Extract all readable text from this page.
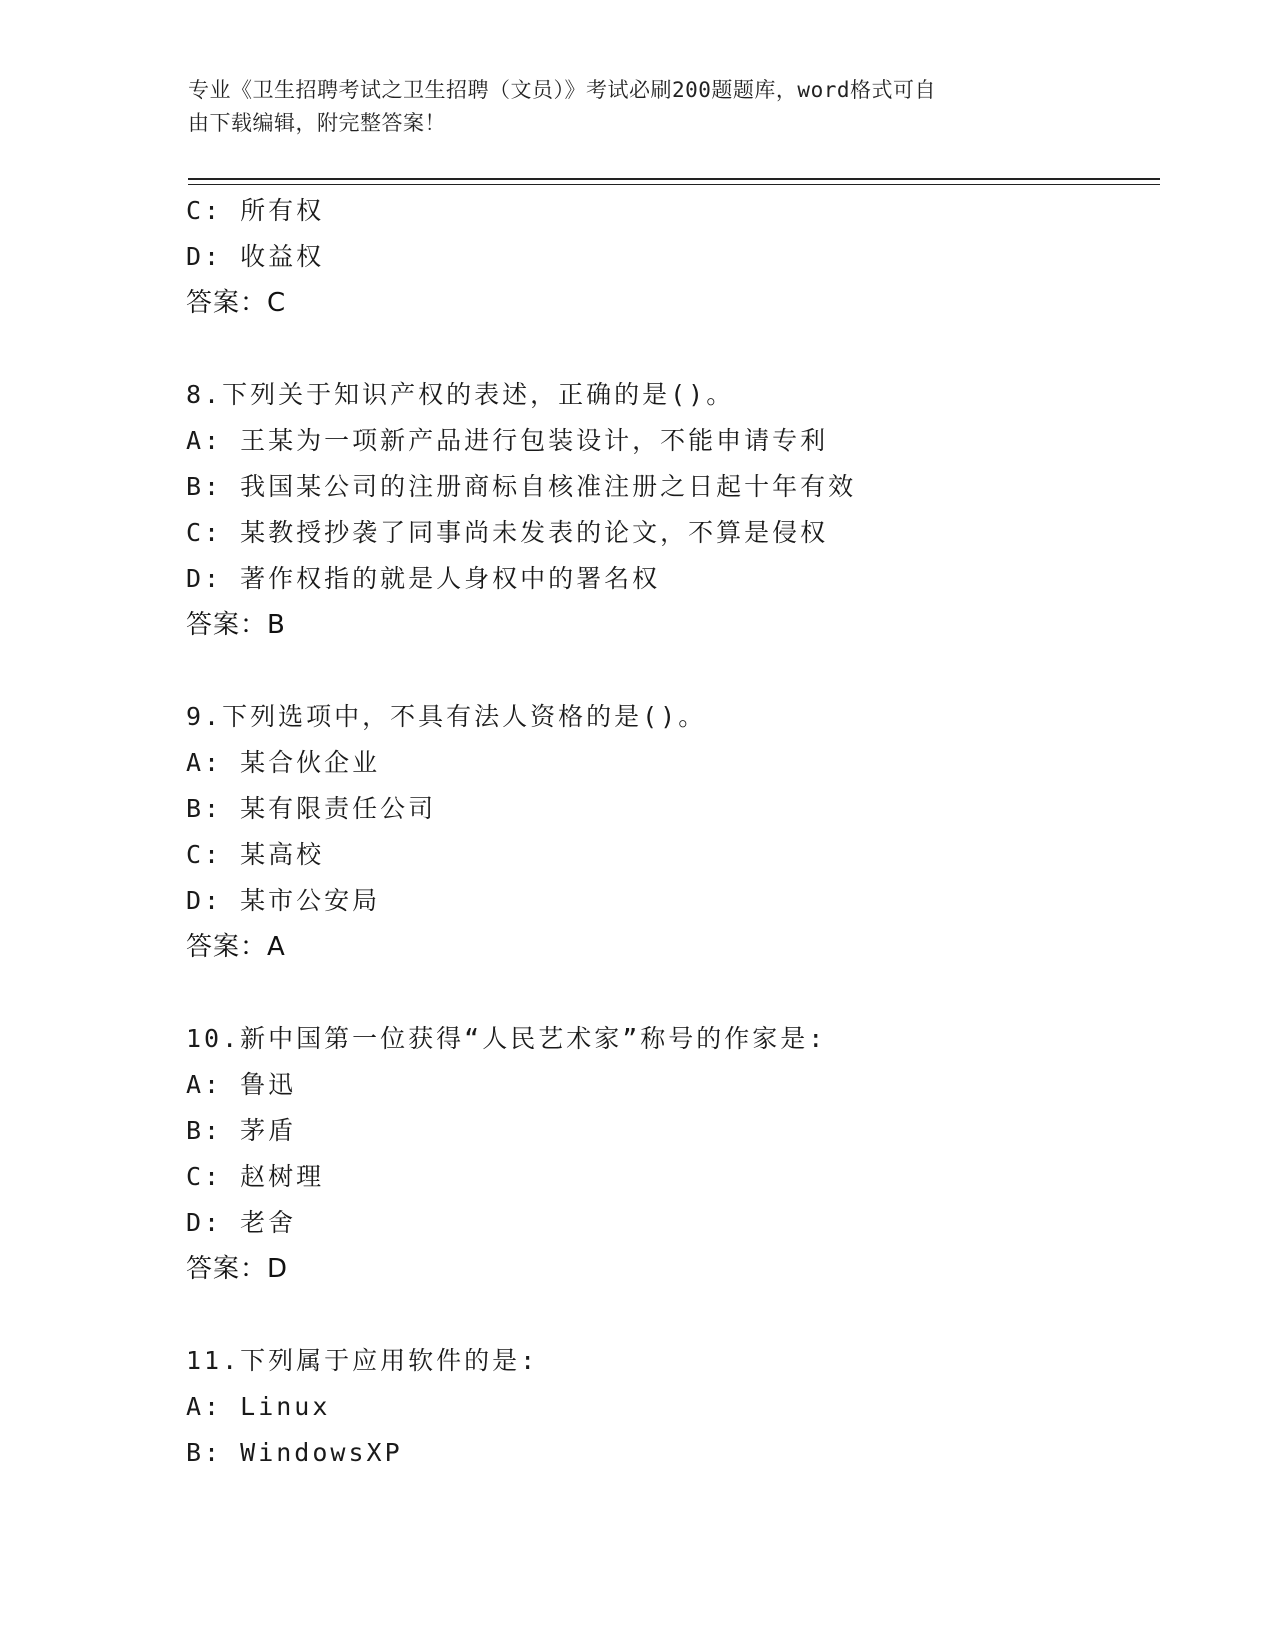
专业《卫生招聘考试之卫生招聘（文员）》考试必刷200题题库，word格式可自
由下载编辑，附完整答案！
C: 所有权
D: 收益权
答案：C
8.下列关于知识产权的表述，正确的是()。
A: 王某为一项新产品进行包装设计，不能申请专利
B: 我国某公司的注册商标自核准注册之日起十年有效
C: 某教授抄袭了同事尚未发表的论文，不算是侵权
D: 著作权指的就是人身权中的署名权
答案：B
9.下列选项中，不具有法人资格的是()。
A: 某合伙企业
B: 某有限责任公司
C: 某高校
D: 某市公安局
答案：A
10.新中国第一位获得“人民艺术家”称号的作家是:
A: 鲁迅
B: 茅盾
C: 赵树理
D: 老舍
答案：D
11.下列属于应用软件的是:
A: Linux
B: WindowsXP
